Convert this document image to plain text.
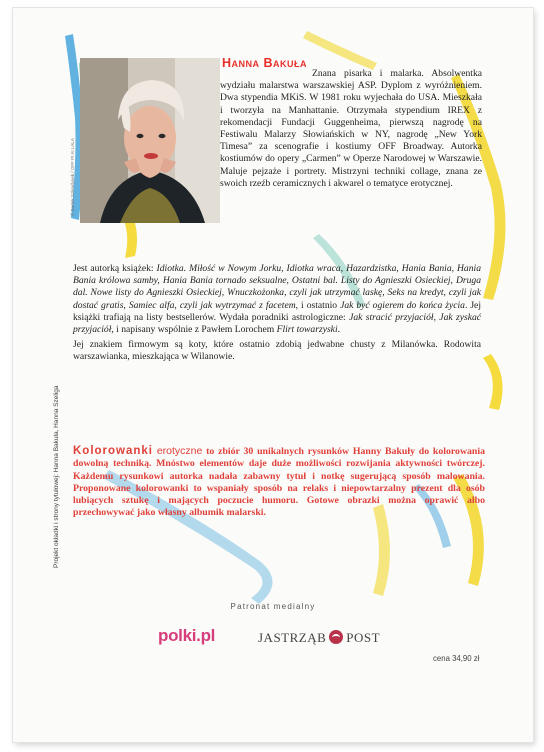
© Bartek Szlendynek / OFF PI AI LALA
Hanna Bakuła

Znana pisarka i malarka. Absolwentka wydziału malarstwa warszawskiej ASP. Dyplom z wyróżnieniem. Dwa stypendia MKiS. W 1981 roku wyjechała do USA. Mieszkała i tworzyła na Manhattanie. Otrzymała stypendium IREX z rekomendacji Fundacji Guggenheima, pierwszą nagrodę na Festiwalu Malarzy Słowiańskich w NY, nagrodę „New York Timesa” za scenografie i kostiumy OFF Broadway. Autorka kostiumów do opery „Carmen” w Operze Narodowej w Warszawie. Maluje pejzaże i portrety. Mistrzyni techniki collage, znana ze swoich rzeźb ceramicznych i akwarel o tematyce erotycznej.

Jest autorką książek: Idiotka. Miłość w Nowym Jorku, Idiotka wraca, Hazardzistka, Hania Bania, Hania Bania królowa samby, Hania Bania tornado seksualne, Ostatni bal. Listy do Agnieszki Osieckiej, Druga dal. Nowe listy do Agnieszki Osieckiej, Wnuczkożonka, czyli jak utrzymać laskę, Seks na kredyt, czyli jak dostać gratis, Samiec alfa, czyli jak wytrzymać z facetem, i ostatnio Jak być ogierem do końca życia. Jej książki trafiają na listy bestsellerów. Wydała poradniki astrologiczne: Jak stracić przyjaciół, Jak zyskać przyjaciół, i napisany wspólnie z Pawłem Lorochem Flirt towarzyski.

Jej znakiem firmowym są koty, które ostatnio zdobią jedwabne chusty z Milanówka. Rodowita warszawianka, mieszkająca w Wilanowie.

Kolorowanki erotyczne to zbiór 30 unikalnych rysunków Hanny Bakuły do kolorowania dowolną techniką. Mnóstwo elementów daje duże możliwości rozwijania aktywności twórczej. Każdemu rysunkowi autorka nadała zabawny tytuł i notkę sugerującą sposób malowania. Proponowane kolorowanki to wspaniały sposób na relaks i niepowtarzalny prezent dla osób lubiących sztukę i mających poczucie humoru. Gotowe obrazki można oprawić albo przechowywać jako własny albumik malarski.

Projekt okładki i strony tytułowej: Hanna Bakuła, Hanna Szeliga
Patronat medialny
polki.pl	JASTRZĄB POST
cena 34,90 zł
